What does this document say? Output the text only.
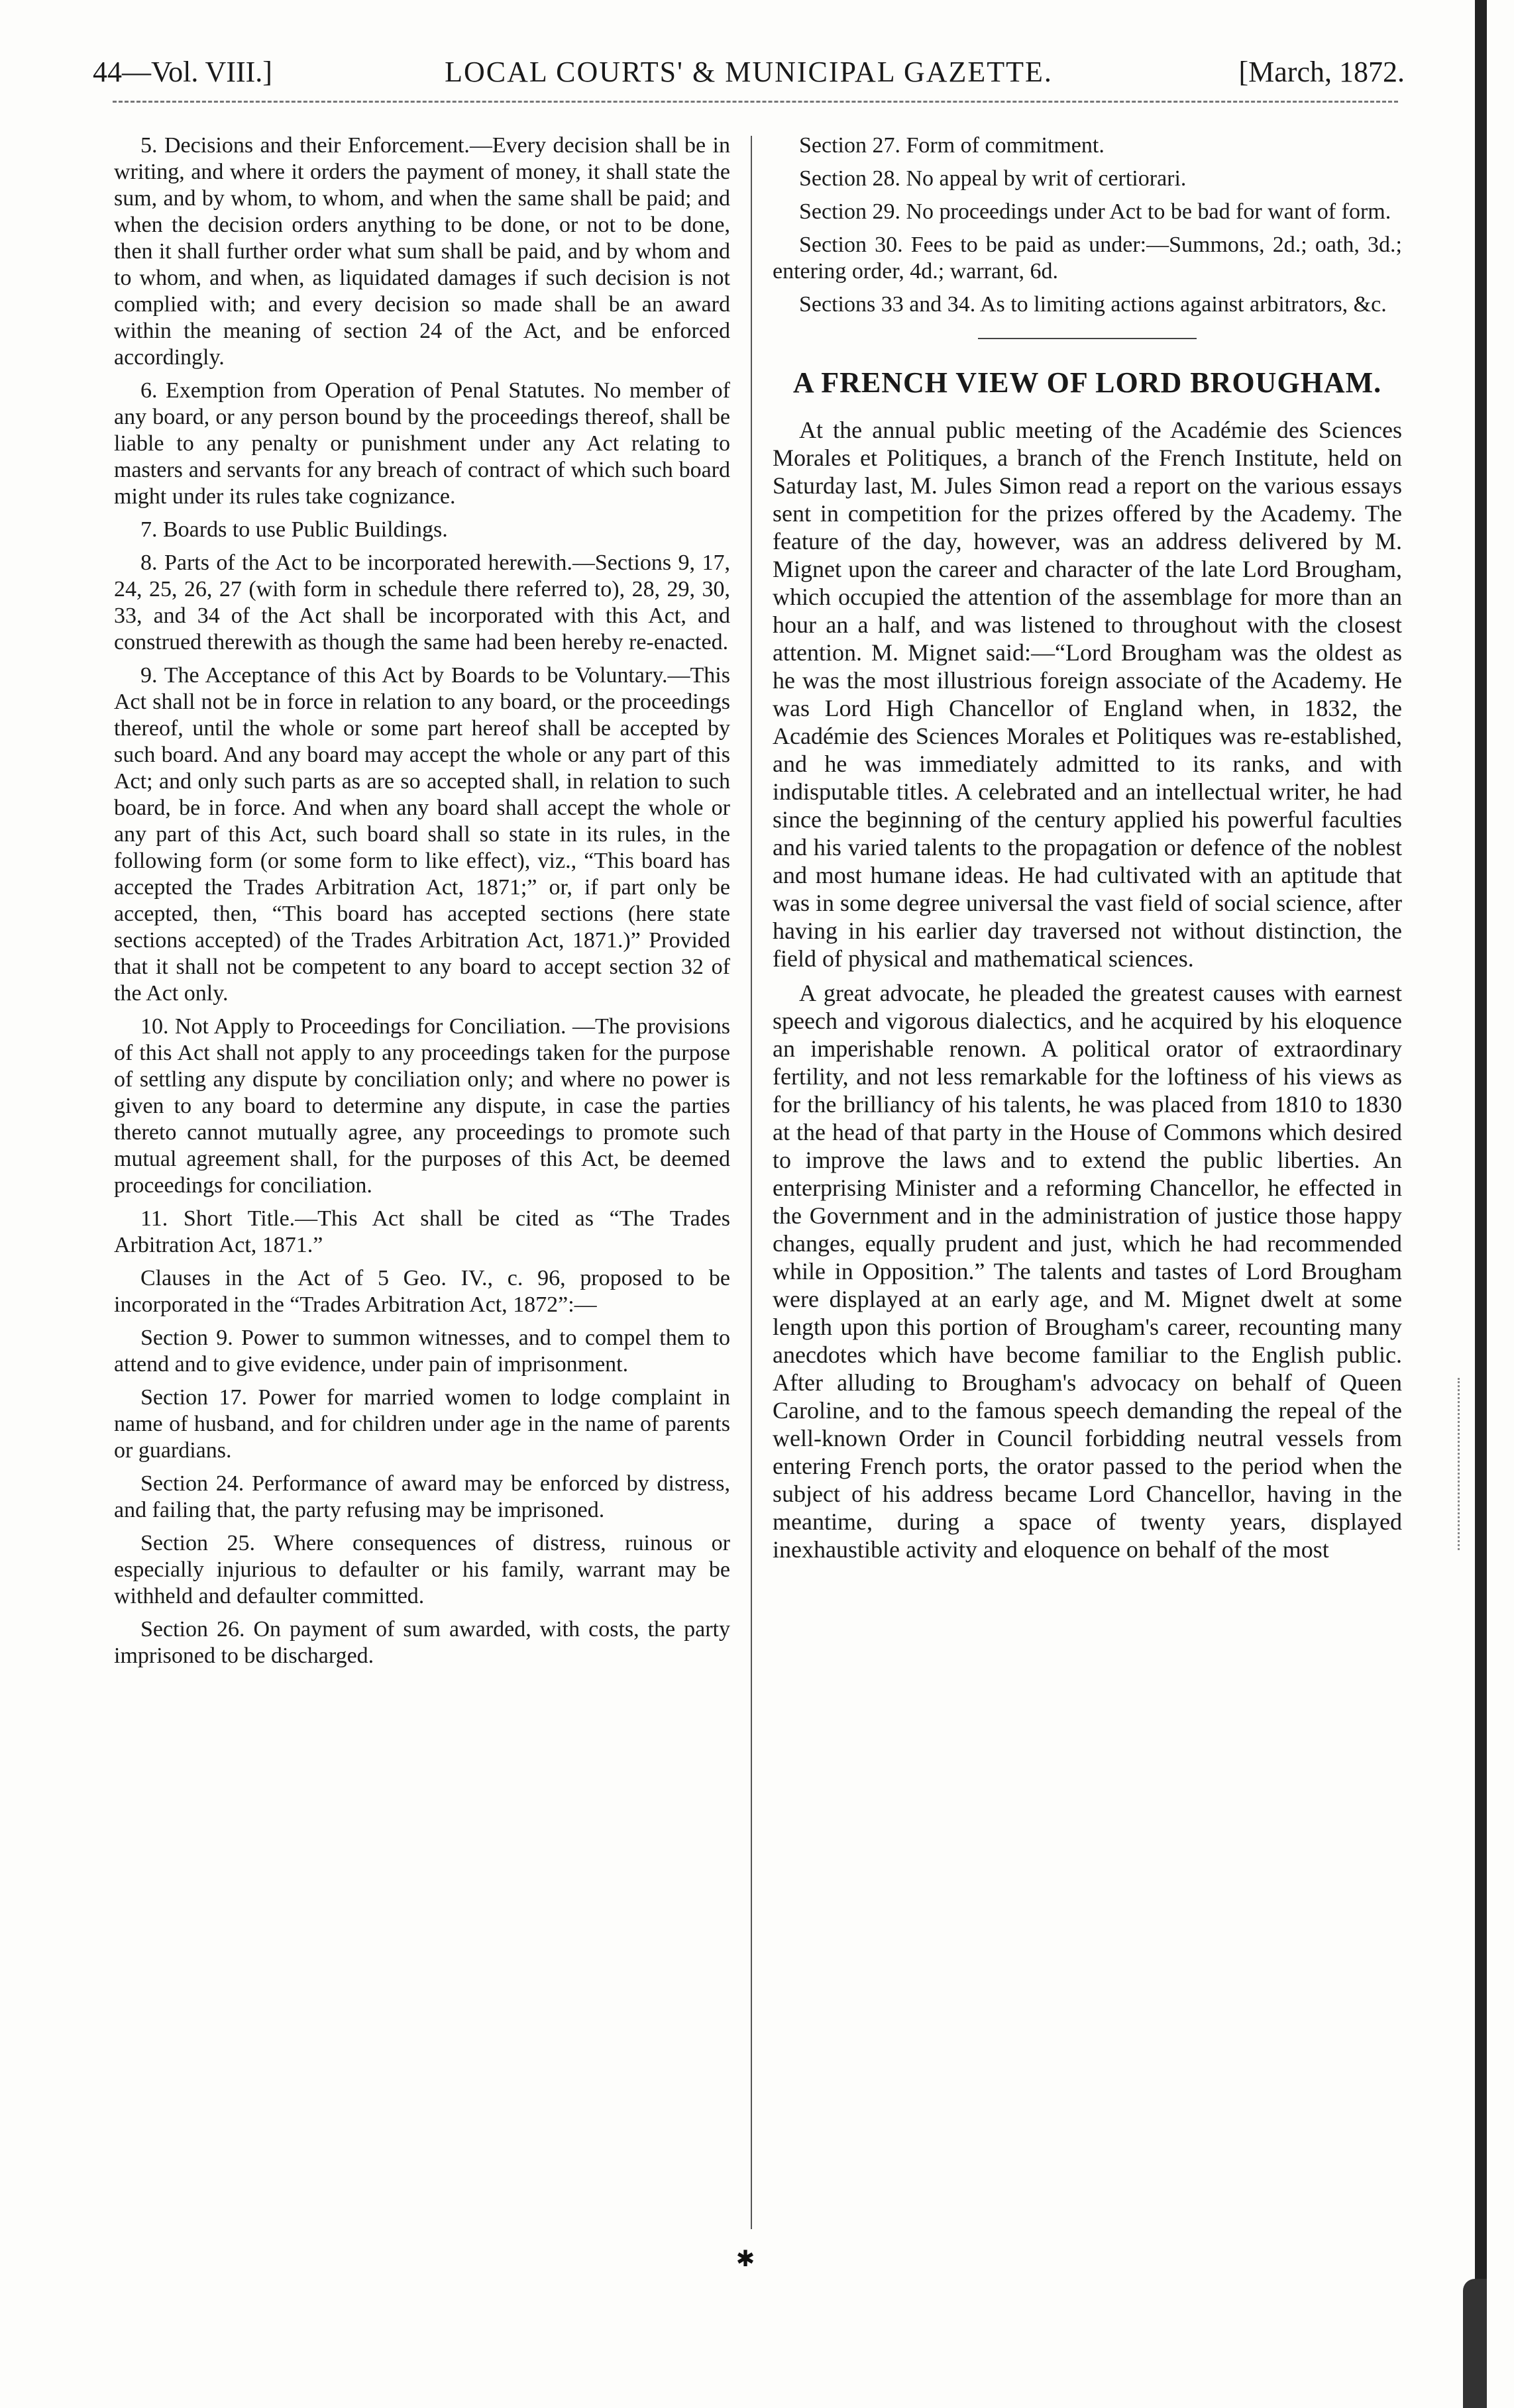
44—Vol. VIII.]	LOCAL COURTS' & MUNICIPAL GAZETTE.	[March, 1872.

5. Decisions and their Enforcement.—Every decision shall be in writing, and where it orders the payment of money, it shall state the sum, and by whom, to whom, and when the same shall be paid; and when the decision orders anything to be done, or not to be done, then it shall further order what sum shall be paid, and by whom and to whom, and when, as liquidated damages if such decision is not complied with; and every decision so made shall be an award within the meaning of section 24 of the Act, and be enforced accordingly.

6. Exemption from Operation of Penal Statutes. No member of any board, or any person bound by the proceedings thereof, shall be liable to any penalty or punishment under any Act relating to masters and servants for any breach of contract of which such board might under its rules take cognizance.

7. Boards to use Public Buildings.

8. Parts of the Act to be incorporated herewith.—Sections 9, 17, 24, 25, 26, 27 (with form in schedule there referred to), 28, 29, 30, 33, and 34 of the Act shall be incorporated with this Act, and construed therewith as though the same had been hereby re-enacted.

9. The Acceptance of this Act by Boards to be Voluntary.—This Act shall not be in force in relation to any board, or the proceedings thereof, until the whole or some part hereof shall be accepted by such board. And any board may accept the whole or any part of this Act; and only such parts as are so accepted shall, in relation to such board, be in force. And when any board shall accept the whole or any part of this Act, such board shall so state in its rules, in the following form (or some form to like effect), viz., “This board has accepted the Trades Arbitration Act, 1871;” or, if part only be accepted, then, “This board has accepted sections (here state sections accepted) of the Trades Arbitration Act, 1871.)” Provided that it shall not be competent to any board to accept section 32 of the Act only.

10. Not Apply to Proceedings for Conciliation. —The provisions of this Act shall not apply to any proceedings taken for the purpose of settling any dispute by conciliation only; and where no power is given to any board to determine any dispute, in case the parties thereto cannot mutually agree, any proceedings to promote such mutual agreement shall, for the purposes of this Act, be deemed proceedings for conciliation.

11. Short Title.—This Act shall be cited as “The Trades Arbitration Act, 1871.”

Clauses in the Act of 5 Geo. IV., c. 96, proposed to be incorporated in the “Trades Arbitration Act, 1872”:—

Section 9. Power to summon witnesses, and to compel them to attend and to give evidence, under pain of imprisonment.

Section 17. Power for married women to lodge complaint in name of husband, and for children under age in the name of parents or guardians.

Section 24. Performance of award may be enforced by distress, and failing that, the party refusing may be imprisoned.

Section 25. Where consequences of distress, ruinous or especially injurious to defaulter or his family, warrant may be withheld and defaulter committed.

Section 26. On payment of sum awarded, with costs, the party imprisoned to be discharged.

Section 27. Form of commitment.

Section 28. No appeal by writ of certiorari.

Section 29. No proceedings under Act to be bad for want of form.

Section 30. Fees to be paid as under:—Summons, 2d.; oath, 3d.; entering order, 4d.; warrant, 6d.

Sections 33 and 34. As to limiting actions against arbitrators, &c.

A FRENCH VIEW OF LORD BROUGHAM.

At the annual public meeting of the Académie des Sciences Morales et Politiques, a branch of the French Institute, held on Saturday last, M. Jules Simon read a report on the various essays sent in competition for the prizes offered by the Academy. The feature of the day, however, was an address delivered by M. Mignet upon the career and character of the late Lord Brougham, which occupied the attention of the assemblage for more than an hour an a half, and was listened to throughout with the closest attention. M. Mignet said:—“Lord Brougham was the oldest as he was the most illustrious foreign associate of the Academy. He was Lord High Chancellor of England when, in 1832, the Académie des Sciences Morales et Politiques was re-established, and he was immediately admitted to its ranks, and with indisputable titles. A celebrated and an intellectual writer, he had since the beginning of the century applied his powerful faculties and his varied talents to the propagation or defence of the noblest and most humane ideas. He had cultivated with an aptitude that was in some degree universal the vast field of social science, after having in his earlier day traversed not without distinction, the field of physical and mathematical sciences.

A great advocate, he pleaded the greatest causes with earnest speech and vigorous dialectics, and he acquired by his eloquence an imperishable renown. A political orator of extraordinary fertility, and not less remarkable for the loftiness of his views as for the brilliancy of his talents, he was placed from 1810 to 1830 at the head of that party in the House of Commons which desired to improve the laws and to extend the public liberties. An enterprising Minister and a reforming Chancellor, he effected in the Government and in the administration of justice those happy changes, equally prudent and just, which he had recommended while in Opposition.” The talents and tastes of Lord Brougham were displayed at an early age, and M. Mignet dwelt at some length upon this portion of Brougham's career, recounting many anecdotes which have become familiar to the English public. After alluding to Brougham's advocacy on behalf of Queen Caroline, and to the famous speech demanding the repeal of the well-known Order in Council forbidding neutral vessels from entering French ports, the orator passed to the period when the subject of his address became Lord Chancellor, having in the meantime, during a space of twenty years, displayed inexhaustible activity and eloquence on behalf of the most

✱
